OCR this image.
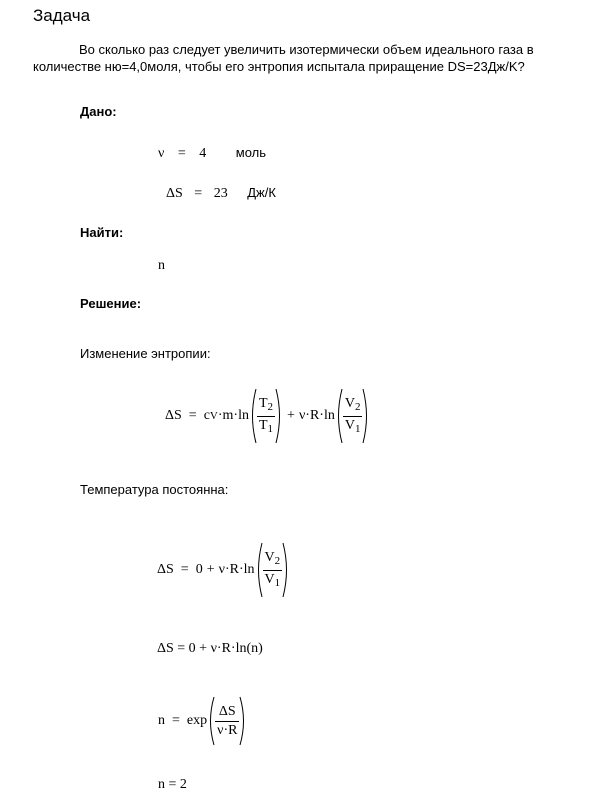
Задача
Во сколько раз следует увеличить изотермически объем идеального газа в
количестве ню=4,0моля, чтобы его энтропия испытала приращение DS=23Дж/K?
Дано:
ν = 4 моль
ΔS = 23 Дж/К
Найти:
n
Решение:
Изменение энтропии:
ΔS = c $V \cdot m\cdot\ln \frac{T_2}{T_1} + \nu\cdot R\cdot\ln \frac{V_2}{V_1}$
Температура постоянна:
$\Delta S = 0 + \nu\cdot R\cdot\ln \frac{V_2}{V_1}$
ΔS = 0 + ν·R·ln(n)
$n = \exp \frac{\Delta S}{\nu\cdot R}$
n = 2
